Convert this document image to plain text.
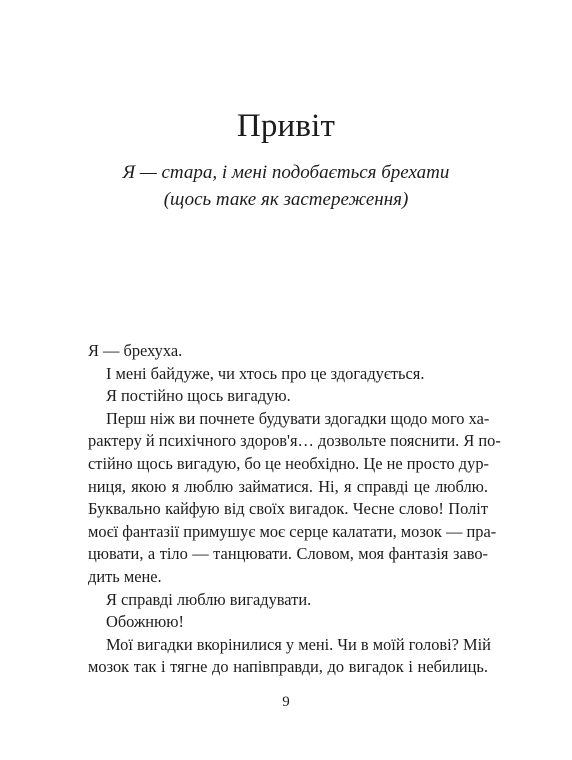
Привіт

Я — стара, і мені подобається брехати

(щось таке як застереження)

Я — брехуха.
І мені байдуже, чи хтось про це здогадується.
Я постійно щось вигадую.
Перш ніж ви почнете будувати здогадки щодо мого ха-
рактеру й психічного здоров'я… дозвольте пояснити. Я по-
стійно щось вигадую, бо це необхідно. Це не просто дур-
ниця, якою я люблю займатися. Ні, я справді це люблю.
Буквально кайфую від своїх вигадок. Чесне слово! Політ
моєї фантазії примушує моє серце калатати, мозок — пра-
цювати, а тіло — танцювати. Словом, моя фантазія заво-
дить мене.
Я справді люблю вигадувати.
Обожнюю!
Мої вигадки вкорінилися у мені. Чи в моїй голові? Мій
мозок так і тягне до напівправди, до вигадок і небилиць.
9
